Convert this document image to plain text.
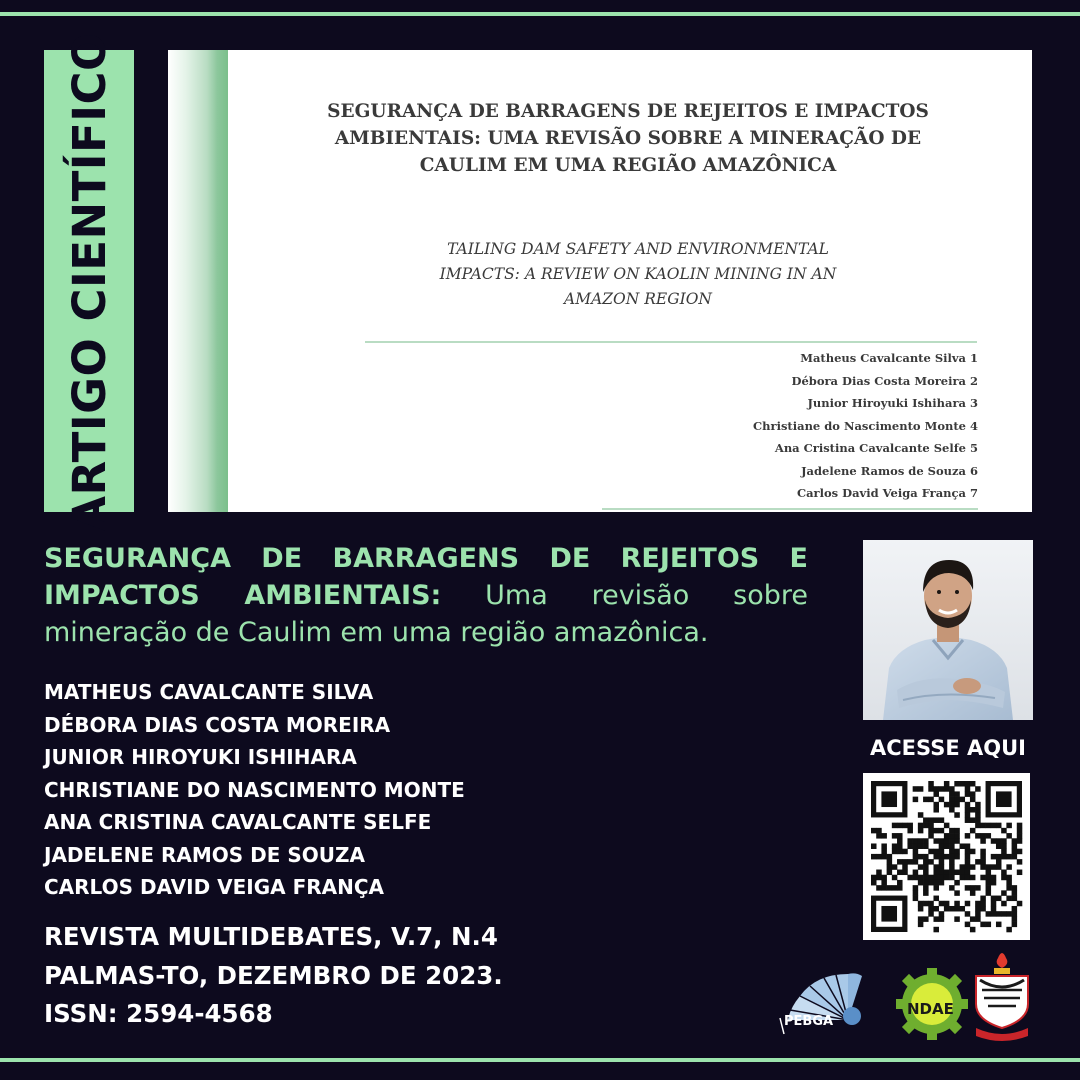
ARTIGO CIENTÍFICO	SEGURANÇA DE BARRAGENS DE REJEITOS E IMPACTOS
AMBIENTAIS: UMA REVISÃO SOBRE A MINERAÇÃO DE
CAULIM EM UMA REGIÃO AMAZÔNICA
TAILING DAM SAFETY AND ENVIRONMENTAL
IMPACTS: A REVIEW ON KAOLIN MINING IN AN
AMAZON REGION
Matheus Cavalcante Silva 1
Débora Dias Costa Moreira 2
Junior Hiroyuki Ishihara 3
Christiane do Nascimento Monte 4
Ana Cristina Cavalcante Selfe 5
Jadelene Ramos de Souza 6
Carlos David Veiga França 7
SEGURANÇA DE BARRAGENS DE REJEITOS E IMPACTOS AMBIENTAIS: Uma revisão sobre mineração de Caulim em uma região amazônica.
MATHEUS CAVALCANTE SILVA
DÉBORA DIAS COSTA MOREIRA
JUNIOR HIROYUKI ISHIHARA
CHRISTIANE DO NASCIMENTO MONTE
ANA CRISTINA CAVALCANTE SELFE
JADELENE RAMOS DE SOUZA
CARLOS DAVID VEIGA FRANÇA
REVISTA MULTIDEBATES, V.7, N.4
PALMAS-TO, DEZEMBRO DE 2023.
ISSN: 2594-4568
ACESSE AQUI
PEBGA
NDAE
